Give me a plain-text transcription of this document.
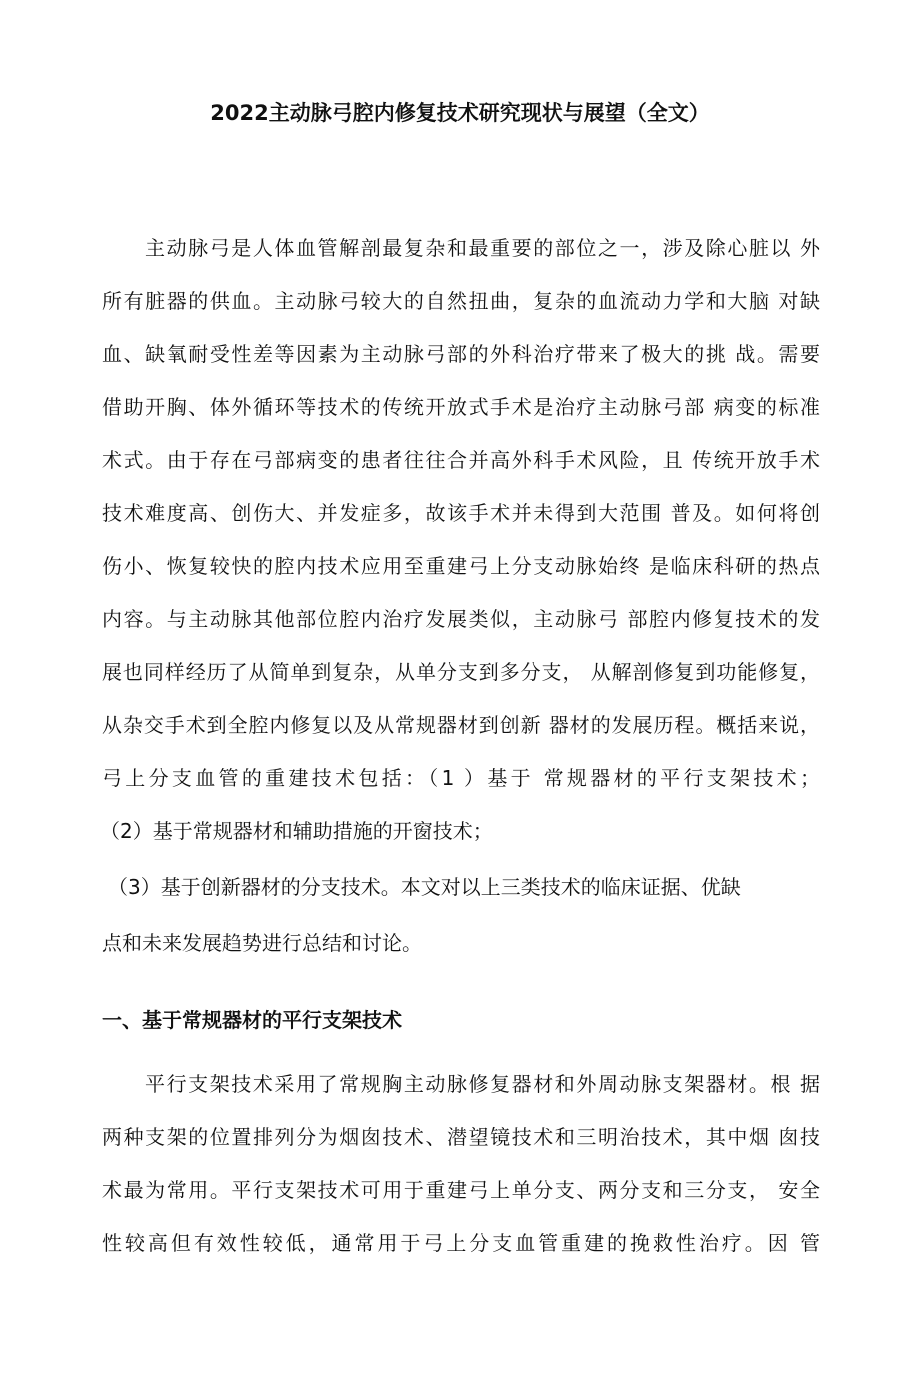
2022主动脉弓腔内修复技术研究现状与展望（全文）
主动脉弓是人体血管解剖最复杂和最重要的部位之一，涉及除心脏以 外
所有脏器的供血。主动脉弓较大的自然扭曲，复杂的血流动力学和大脑 对缺
血、缺氧耐受性差等因素为主动脉弓部的外科治疗带来了极大的挑 战。需要
借助开胸、体外循环等技术的传统开放式手术是治疗主动脉弓部 病变的标准
术式。由于存在弓部病变的患者往往合并高外科手术风险，且 传统开放手术
技术难度高、创伤大、并发症多，故该手术并未得到大范围 普及。如何将创
伤小、恢复较快的腔内技术应用至重建弓上分支动脉始终 是临床科研的热点
内容。与主动脉其他部位腔内治疗发展类似，主动脉弓 部腔内修复技术的发
展也同样经历了从简单到复杂，从单分支到多分支， 从解剖修复到功能修复，
从杂交手术到全腔内修复以及从常规器材到创新 器材的发展历程。概括来说，
弓上分支血管的重建技术包括：（1 ）基于 常规器材的平行支架技术；
（2）基于常规器材和辅助措施的开窗技术；
（3）基于创新器材的分支技术。本文对以上三类技术的临床证据、优缺
点和未来发展趋势进行总结和讨论。
一、基于常规器材的平行支架技术
平行支架技术采用了常规胸主动脉修复器材和外周动脉支架器材。根 据
两种支架的位置排列分为烟囱技术、潜望镜技术和三明治技术，其中烟 囱技
术最为常用。平行支架技术可用于重建弓上单分支、两分支和三分支， 安全
性较高但有效性较低，通常用于弓上分支血管重建的挽救性治疗。因 管
